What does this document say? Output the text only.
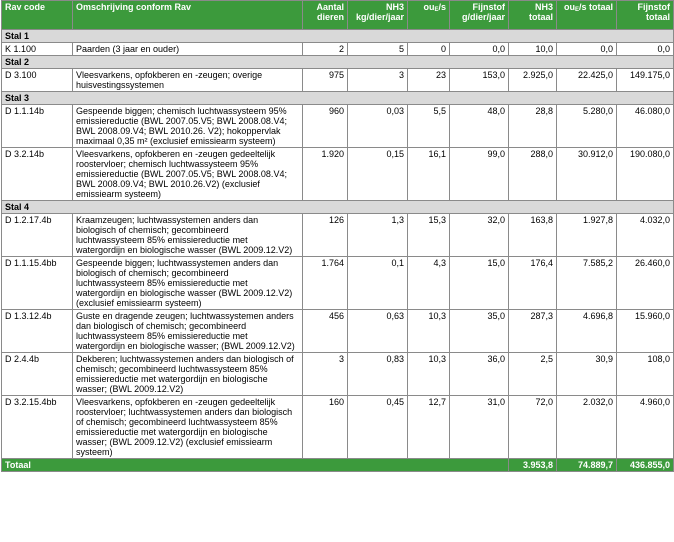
Rav code	Omschrijving conform Rav	Aantal dieren	NH3 kg/dier/jaar	ouE/s	Fijnstof g/dier/jaar	NH3 totaal	ouE/s totaal	Fijnstof totaal
Stal 1								
K 1.100	Paarden (3 jaar en ouder)	2	5	0	0,0	10,0	0,0	0,0
Stal 2								
D 3.100	Vleesvarkens, opfokberen en -zeugen; overige huisvestingssystemen	975	3	23	153,0	2.925,0	22.425,0	149.175,0
Stal 3								
D 1.1.14b	Gespeende biggen; chemisch luchtwassysteem 95% emissiereductie (BWL 2007.05.V5; BWL 2008.08.V4; BWL 2008.09.V4; BWL 2010.26. V2); hokoppervlak maximaal 0,35 m² (exclusief emissiearm systeem)	960	0,03	5,5	48,0	28,8	5.280,0	46.080,0
D 3.2.14b	Vleesvarkens, opfokberen en -zeugen gedeeltelijk roostervloer; chemisch luchtwassysteem 95% emissiereductie (BWL 2007.05.V5; BWL 2008.08.V4; BWL 2008.09.V4; BWL 2010.26.V2) (exclusief emissiearm systeem)	1.920	0,15	16,1	99,0	288,0	30.912,0	190.080,0
Stal 4								
D 1.2.17.4b	Kraamzeugen; luchtwassystemen anders dan biologisch of chemisch; gecombineerd luchtwassysteem 85% emissiereductie met watergordijn en biologische wasser (BWL 2009.12.V2)	126	1,3	15,3	32,0	163,8	1.927,8	4.032,0
D 1.1.15.4bb	Gespeende biggen; luchtwassystemen anders dan biologisch of chemisch; gecombineerd luchtwassysteem 85% emissiereductie met watergordijn en biologische wasser (BWL 2009.12.V2) (exclusief emissiearm systeem)	1.764	0,1	4,3	15,0	176,4	7.585,2	26.460,0
D 1.3.12.4b	Guste en dragende zeugen; luchtwassystemen anders dan biologisch of chemisch; gecombineerd luchtwassysteem 85% emissiereductie met watergordijn en biologische wasser; (BWL 2009.12.V2)	456	0,63	10,3	35,0	287,3	4.696,8	15.960,0
D 2.4.4b	Dekberen; luchtwassystemen anders dan biologisch of chemisch; gecombineerd luchtwassysteem 85% emissiereductie met watergordijn en biologische wasser; (BWL 2009.12.V2)	3	0,83	10,3	36,0	2,5	30,9	108,0
D 3.2.15.4bb	Vleesvarkens, opfokberen en -zeugen gedeeltelijk roostervloer; luchtwassystemen anders dan biologisch of chemisch; gecombineerd luchtwassysteem 85% emissiereductie met watergordijn en biologische wasser; (BWL 2009.12.V2) (exclusief emissiearm systeem)	160	0,45	12,7	31,0	72,0	2.032,0	4.960,0
Totaal						3.953,8	74.889,7	436.855,0
